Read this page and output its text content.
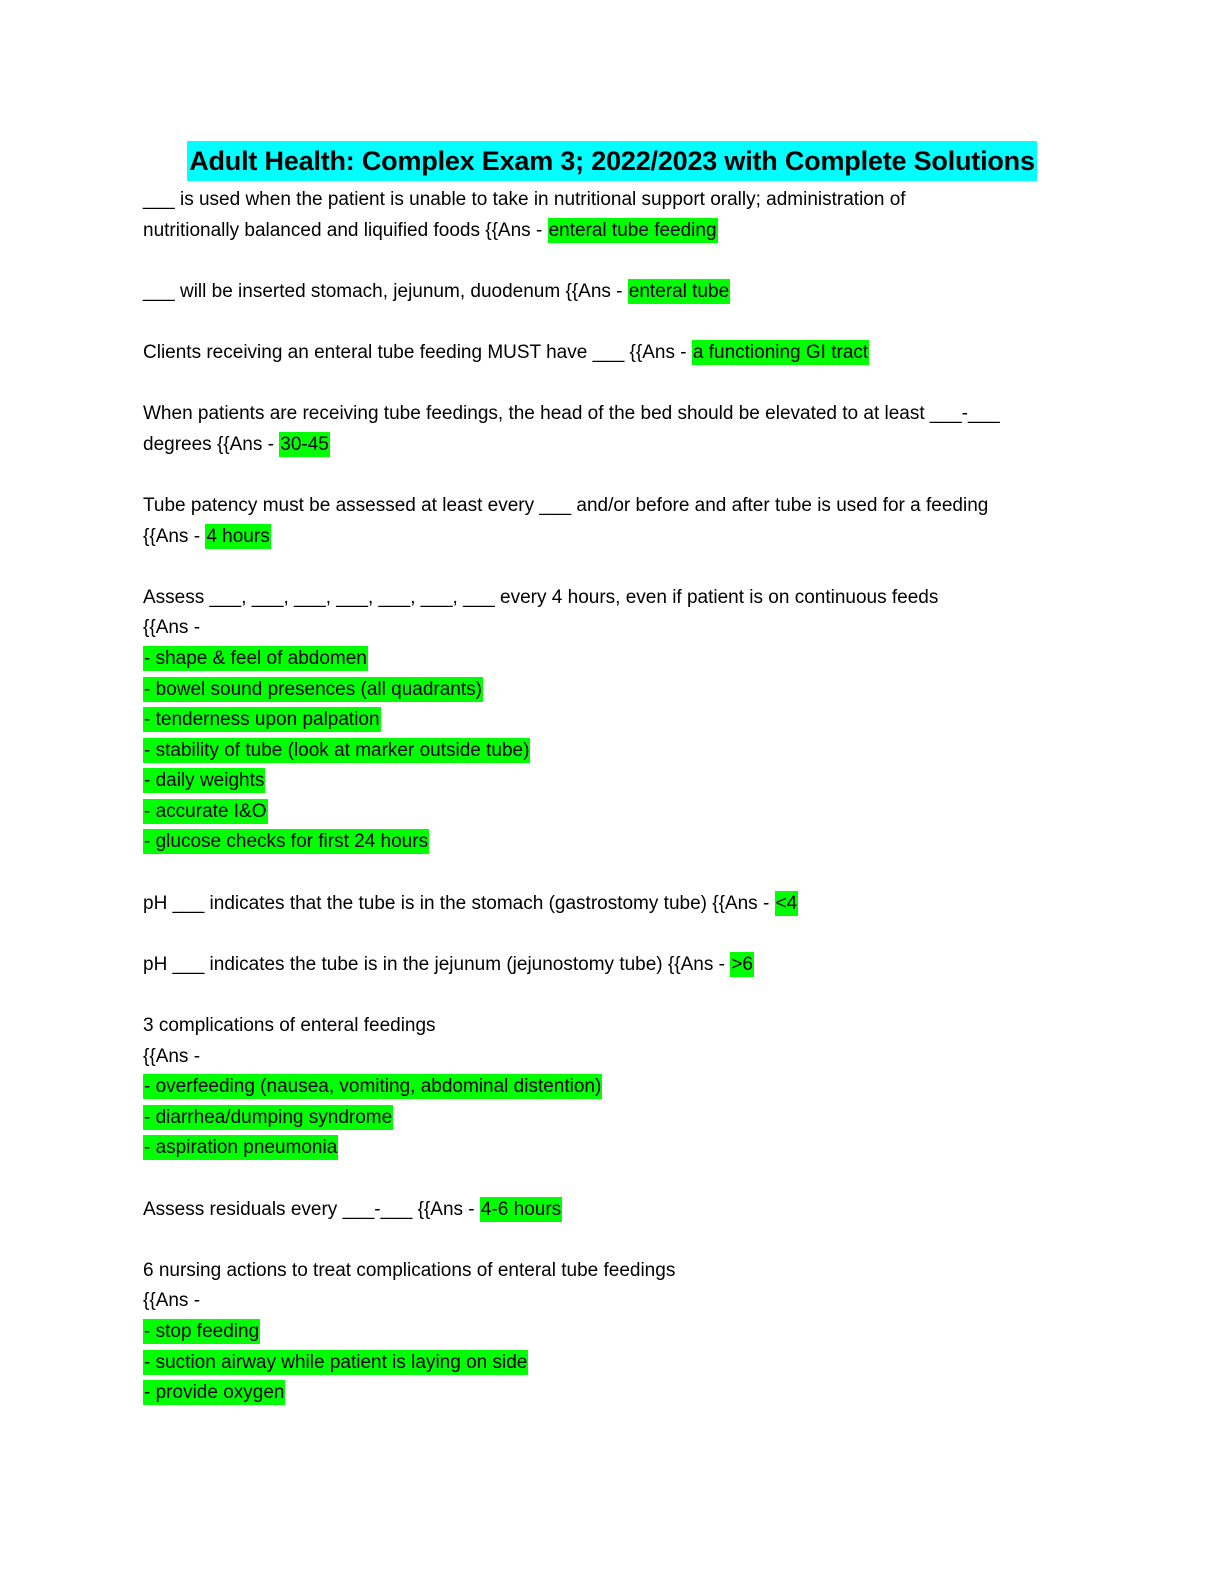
Adult Health: Complex Exam 3; 2022/2023 with Complete Solutions
___ is used when the patient is unable to take in nutritional support orally; administration of
nutritionally balanced and liquified foods {{Ans - enteral tube feeding
___ will be inserted stomach, jejunum, duodenum {{Ans - enteral tube
Clients receiving an enteral tube feeding MUST have ___ {{Ans - a functioning GI tract
When patients are receiving tube feedings, the head of the bed should be elevated to at least ___-___
degrees {{Ans - 30-45
Tube patency must be assessed at least every ___ and/or before and after tube is used for a feeding
{{Ans - 4 hours
Assess ___, ___, ___, ___, ___, ___, ___ every 4 hours, even if patient is on continuous feeds
{{Ans -
- shape & feel of abdomen
- bowel sound presences (all quadrants)
- tenderness upon palpation
- stability of tube (look at marker outside tube)
- daily weights
- accurate I&O
- glucose checks for first 24 hours
pH ___ indicates that the tube is in the stomach (gastrostomy tube) {{Ans - <4
pH ___ indicates the tube is in the jejunum (jejunostomy tube) {{Ans - >6
3 complications of enteral feedings
{{Ans -
- overfeeding (nausea, vomiting, abdominal distention)
- diarrhea/dumping syndrome
- aspiration pneumonia
Assess residuals every ___-___ {{Ans - 4-6 hours
6 nursing actions to treat complications of enteral tube feedings
{{Ans -
- stop feeding
- suction airway while patient is laying on side
- provide oxygen
